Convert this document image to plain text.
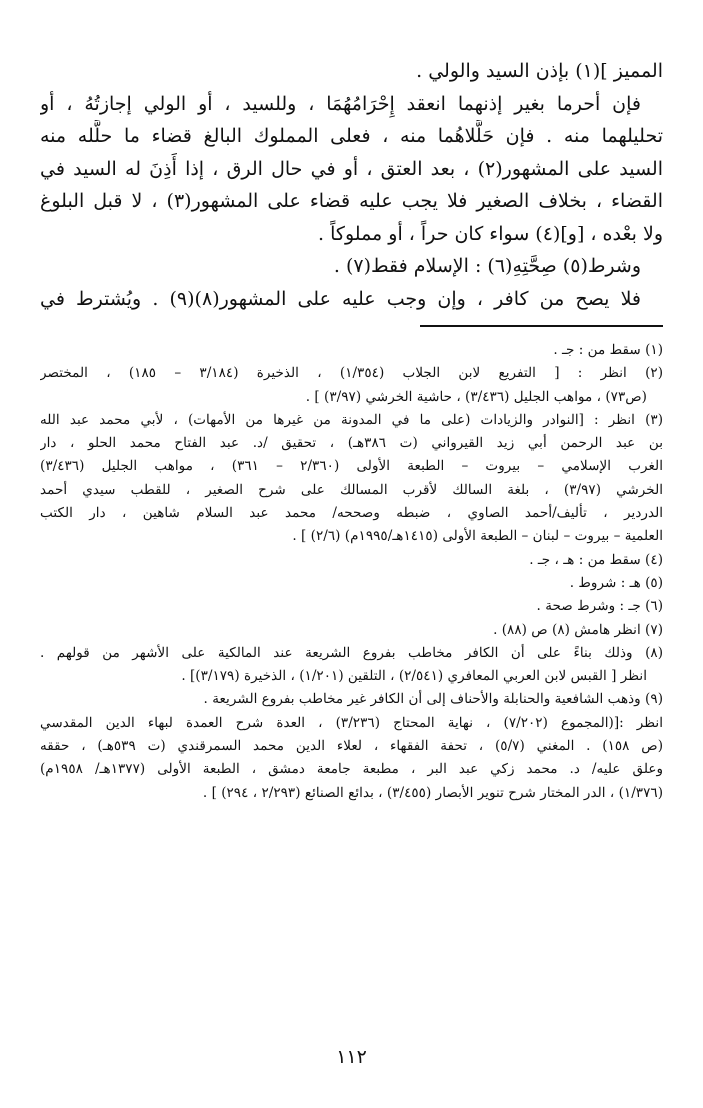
المميز ](١) بإذن السيد والولي .
فإن أحرما بغير إذنهما انعقد إِحْرَامُهُمَا ، وللسيد ، أو الولي إجازتُهُ ، أو
تحليلهما منه . فإن حَلَّلاهُما منه ، فعلى المملوك البالغ قضاء ما حلَّله منه
السيد على المشهور(٢) ، بعد العتق ، أو في حال الرق ، إذا أَذِنَ له السيد في
القضاء ، بخلاف الصغير فلا يجب عليه قضاء على المشهور(٣) ، لا قبل البلوغ
ولا بعْده ، [و](٤) سواء كان حراً ، أو مملوكاً .
وشرط(٥) صِحَّتِهِ(٦) : الإسلام فقط(٧) .
فلا يصح من كافر ، وإن وجب عليه على المشهور(٨)(٩) . ويُشترط في
(١) سقط من : جـ .
(٢) انظر : [ التفريع لابن الجلاب (١/٣٥٤) ، الذخيرة (٣/١٨٤ – ١٨٥) ، المختصر
(ص٧٣) ، مواهب الجليل (٣/٤٣٦) ، حاشية الخرشي (٣/٩٧) ] .
(٣) انظر : [النوادر والزيادات (على ما في المدونة من غيرها من الأمهات) ، لأبي محمد عبد الله
بن عبد الرحمن أبي زيد القيرواني (ت ٣٨٦هـ) ، تحقيق /د. عبد الفتاح محمد الحلو ، دار
الغرب الإسلامي – بيروت – الطبعة الأولى (٢/٣٦٠ – ٣٦١) ، مواهب الجليل (٣/٤٣٦)
الخرشي (٣/٩٧) ، بلغة السالك لأقرب المسالك على شرح الصغير ، للقطب سيدي أحمد
الدردير ، تأليف/أحمد الصاوي ، ضبطه وصححه/ محمد عبد السلام شاهين ، دار الكتب
العلمية – بيروت – لبنان – الطبعة الأولى (١٤١٥هـ/١٩٩٥م) (٢/٦) ] .
(٤) سقط من : هـ ، جـ .
(٥) هـ : شروط .
(٦) جـ : وشرط صحة .
(٧) انظر هامش (٨) ص (٨٨) .
(٨) وذلك بناءً على أن الكافر مخاطب بفروع الشريعة عند المالكية على الأشهر من قولهم .
انظر [ القبس لابن العربي المعافري (٢/٥٤١) ، التلقين (١/٢٠١) ، الذخيرة (٣/١٧٩)] .
(٩) وذهب الشافعية والحنابلة والأحناف إلى أن الكافر غير مخاطب بفروع الشريعة .
انظر :[(المجموع (٧/٢٠٢) ، نهاية المحتاج (٣/٢٣٦) ، العدة شرح العمدة لبهاء الدين المقدسي
(ص ١٥٨) . المغني (٥/٧) ، تحفة الفقهاء ، لعلاء الدين محمد السمرقندي (ت ٥٣٩هـ) ، حققه
وعلق عليه/ د. محمد زكي عبد البر ، مطبعة جامعة دمشق ، الطبعة الأولى (١٣٧٧هـ/ ١٩٥٨م)
(١/٣٧٦) ، الدر المختار شرح تنوير الأبصار (٣/٤٥٥) ، بدائع الصنائع (٢/٢٩٣ ، ٢٩٤) ] .
١١٢
